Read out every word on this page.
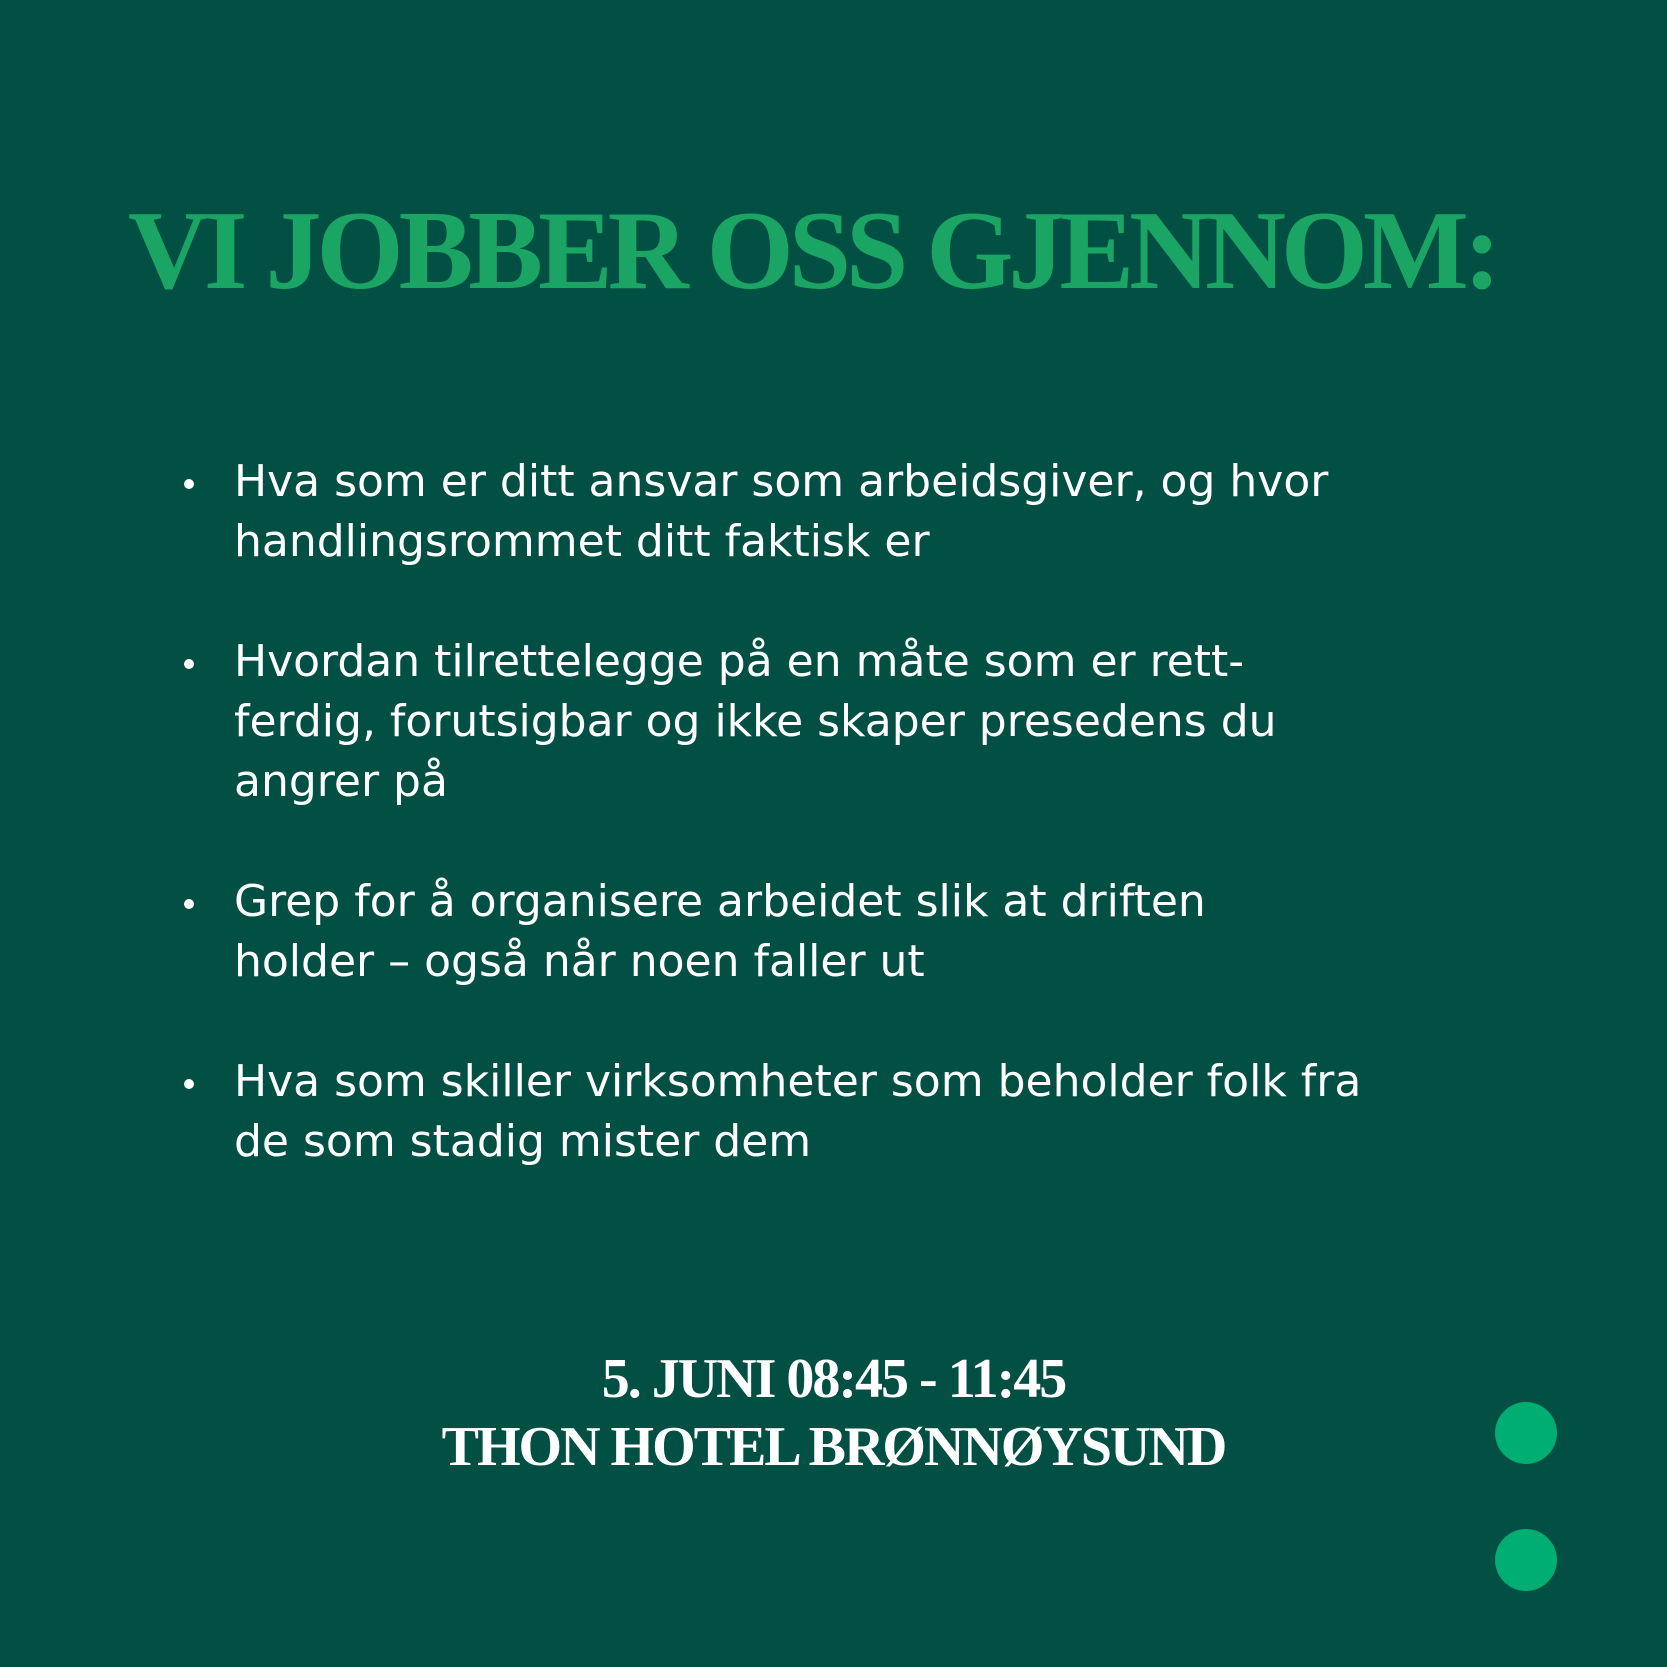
VI JOBBER OSS GJENNOM:
Hva som er ditt ansvar som arbeidsgiver, og hvor
handlingsrommet ditt faktisk er
Hvordan tilrettelegge på en måte som er rett-
ferdig, forutsigbar og ikke skaper presedens du
angrer på
Grep for å organisere arbeidet slik at driften
holder – også når noen faller ut
Hva som skiller virksomheter som beholder folk fra
de som stadig mister dem
5. JUNI 08:45 - 11:45
THON HOTEL BRØNNØYSUND
